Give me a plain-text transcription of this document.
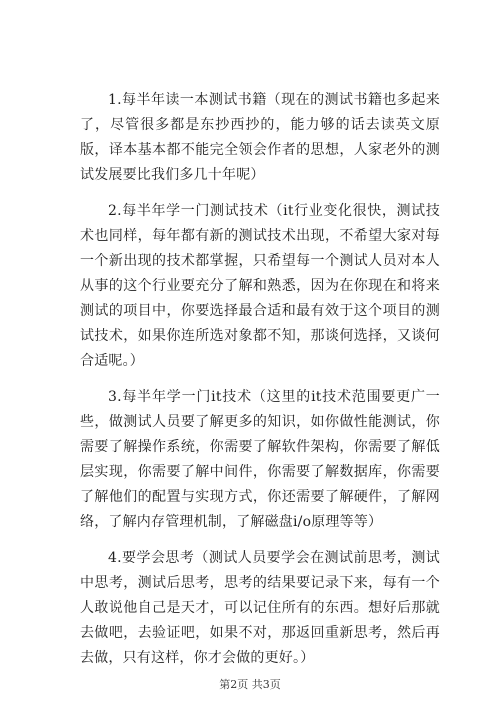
1.每半年读一本测试书籍（现在的测试书籍也多起来了，尽管很多都是东抄西抄的，能力够的话去读英文原版，译本基本都不能完全领会作者的思想，人家老外的测试发展要比我们多几十年呢）

2.每半年学一门测试技术（it行业变化很快，测试技术也同样，每年都有新的测试技术出现，不希望大家对每一个新出现的技术都掌握，只希望每一个测试人员对本人从事的这个行业要充分了解和熟悉，因为在你现在和将来测试的项目中，你要选择最合适和最有效于这个项目的测试技术，如果你连所选对象都不知，那谈何选择，又谈何合适呢。）

3.每半年学一门it技术（这里的it技术范围要更广一些，做测试人员要了解更多的知识，如你做性能测试，你需要了解操作系统，你需要了解软件架构，你需要了解低层实现，你需要了解中间件，你需要了解数据库，你需要了解他们的配置与实现方式，你还需要了解硬件，了解网络，了解内存管理机制，了解磁盘i/o原理等等）

4.要学会思考（测试人员要学会在测试前思考，测试中思考，测试后思考，思考的结果要记录下来，每有一个人敢说他自己是天才，可以记住所有的东西。想好后那就去做吧，去验证吧，如果不对，那返回重新思考，然后再去做，只有这样，你才会做的更好。）

第2页 共3页
